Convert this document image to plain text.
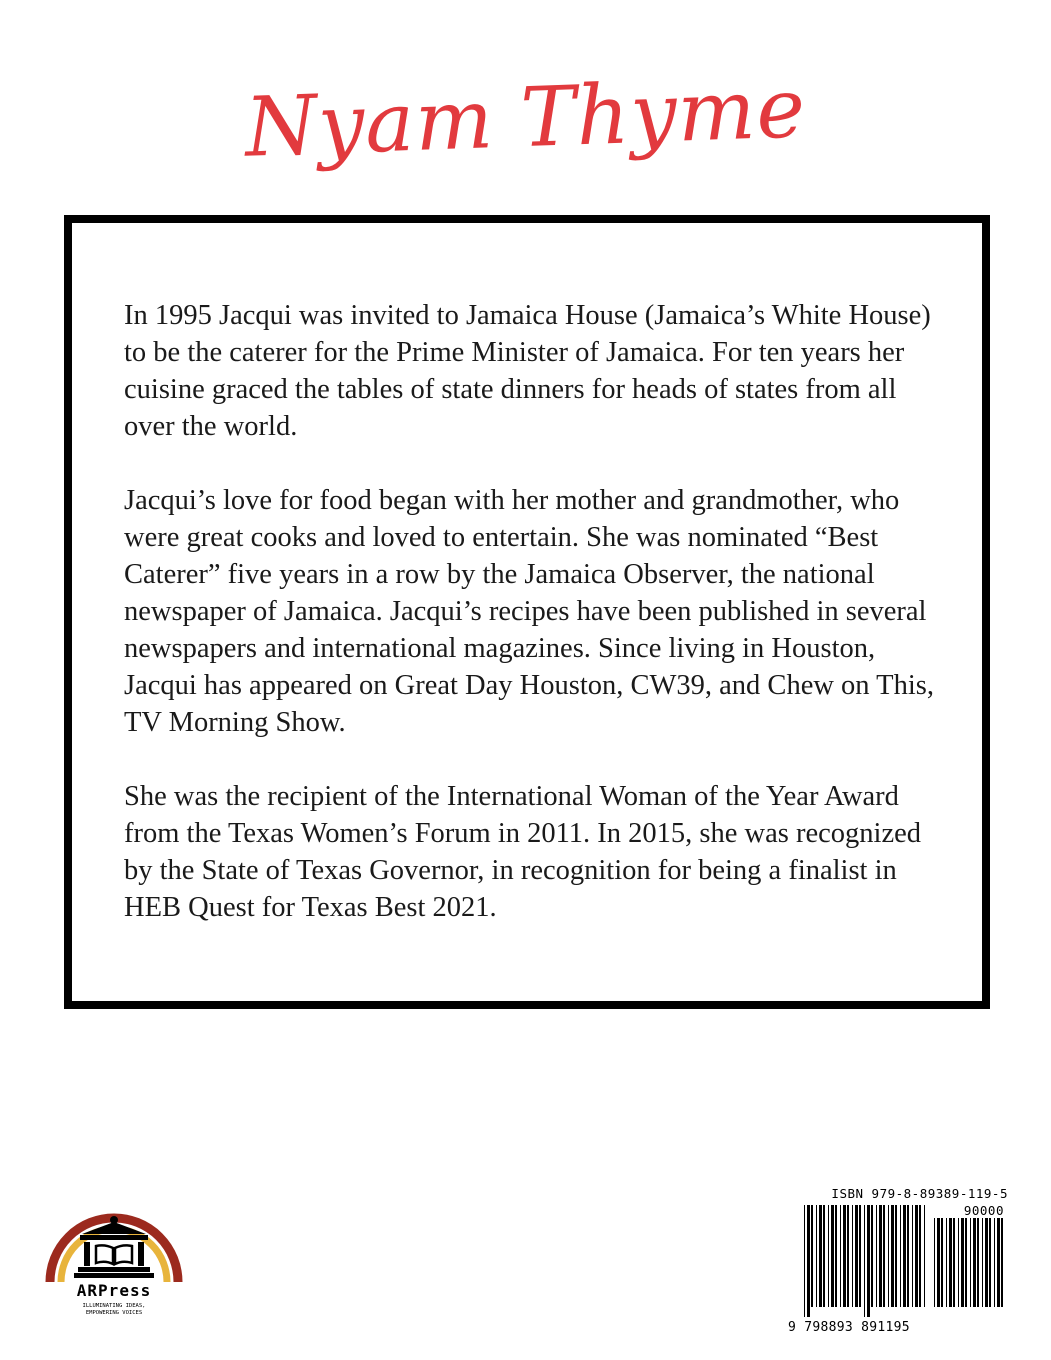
Nyam Thyme

In 1995 Jacqui was invited to Jamaica House (Jamaica’s White House) to be the caterer for the Prime Minister of Jamaica. For ten years her cuisine graced the tables of state dinners for heads of states from all over the world.

Jacqui’s love for food began with her mother and grandmother, who were great cooks and loved to entertain. She was nominated “Best Caterer” five years in a row by the Jamaica Observer, the national newspaper of Jamaica. Jacqui’s recipes have been published in several newspapers and international magazines. Since living in Houston, Jacqui has appeared on Great Day Houston, CW39, and Chew on This, TV Morning Show.

She was the recipient of the International Woman of the Year Award from the Texas Women’s Forum in 2011. In 2015, she was recognized by the State of Texas Governor, in recognition for being a finalist in HEB Quest for Texas Best 2021.

ARPress
ILLUMINATING IDEAS,
EMPOWERING VOICES
ISBN 979-8-89389-119-5
90000
9 798893 891195
